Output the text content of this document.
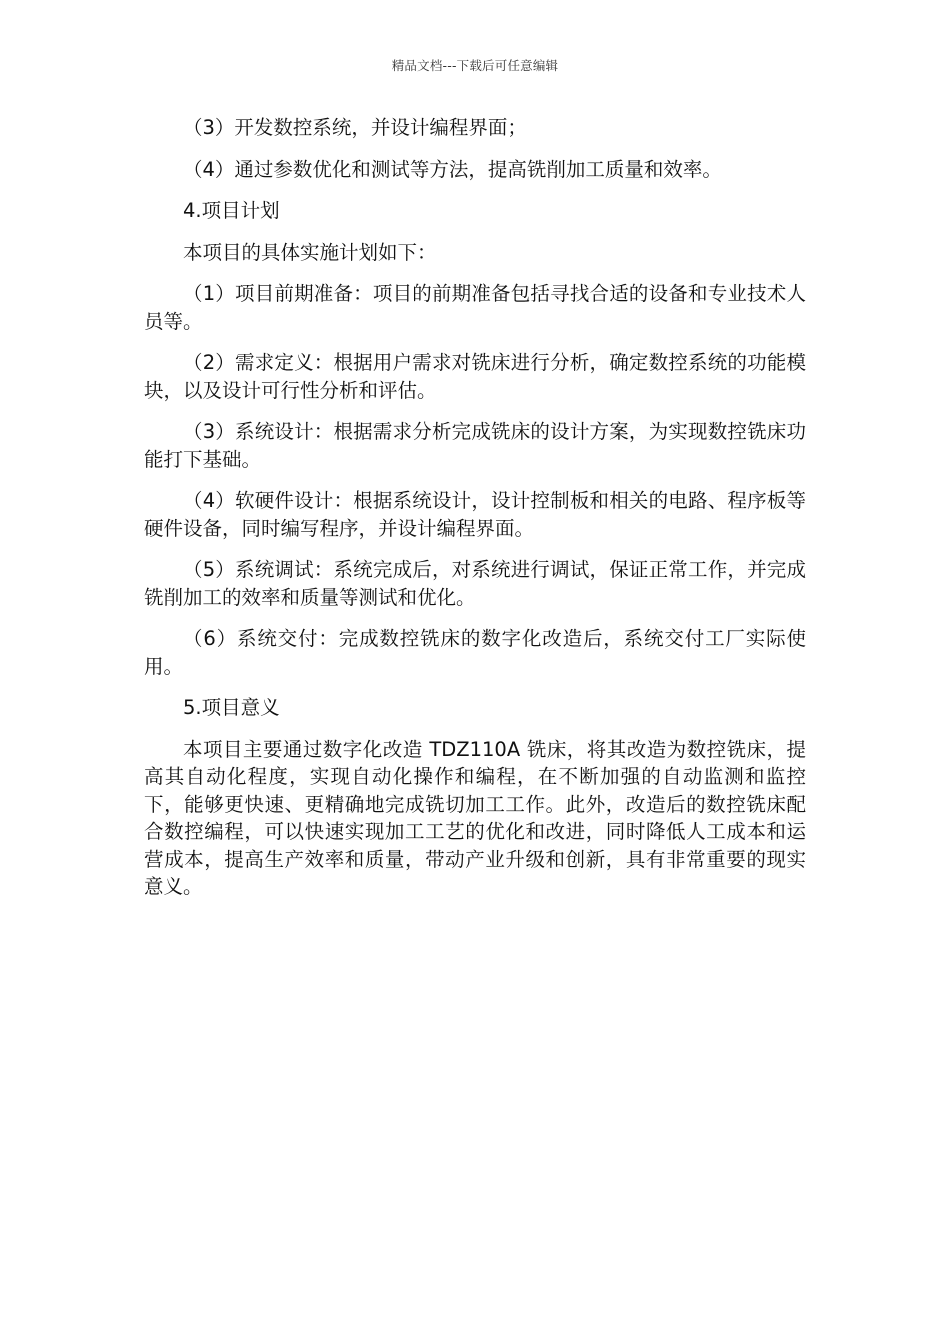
精品文档---下载后可任意编辑

（3）开发数控系统，并设计编程界面；

（4）通过参数优化和测试等方法，提高铣削加工质量和效率。

4.项目计划

本项目的具体实施计划如下：

（1）项目前期准备：项目的前期准备包括寻找合适的设备和专业技术人员等。

（2）需求定义：根据用户需求对铣床进行分析，确定数控系统的功能模块，以及设计可行性分析和评估。

（3）系统设计：根据需求分析完成铣床的设计方案，为实现数控铣床功能打下基础。

（4）软硬件设计：根据系统设计，设计控制板和相关的电路、程序板等硬件设备，同时编写程序，并设计编程界面。

（5）系统调试：系统完成后，对系统进行调试，保证正常工作，并完成铣削加工的效率和质量等测试和优化。

（6）系统交付：完成数控铣床的数字化改造后，系统交付工厂实际使用。

5.项目意义

本项目主要通过数字化改造 TDZ110A 铣床，将其改造为数控铣床，提高其自动化程度，实现自动化操作和编程，在不断加强的自动监测和监控下，能够更快速、更精确地完成铣切加工工作。此外，改造后的数控铣床配合数控编程，可以快速实现加工工艺的优化和改进，同时降低人工成本和运营成本，提高生产效率和质量，带动产业升级和创新，具有非常重要的现实意义。
